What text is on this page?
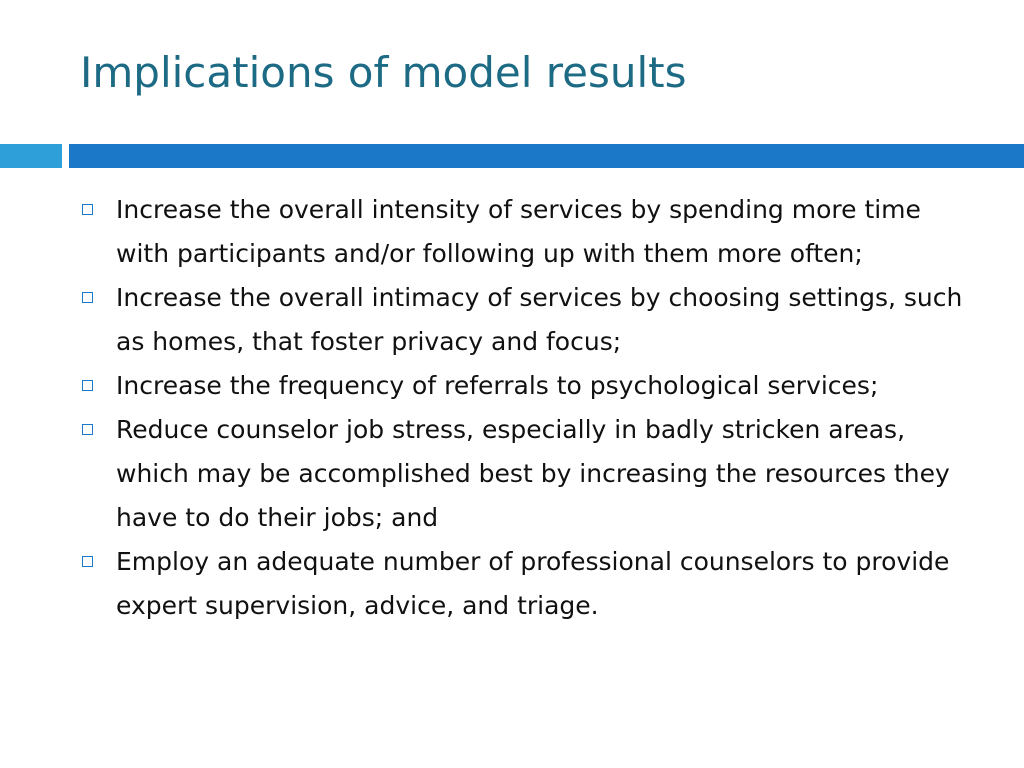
Implications of model results
Increase the overall intensity of services by spending more time with participants and/or following up with them more often;
Increase the overall intimacy of services by choosing settings, such as homes, that foster privacy and focus;
Increase the frequency of referrals to psychological services;
Reduce counselor job stress, especially in badly stricken areas, which may be accomplished best by increasing the resources they have to do their jobs; and
Employ an adequate number of professional counselors to provide expert supervision, advice, and triage.
